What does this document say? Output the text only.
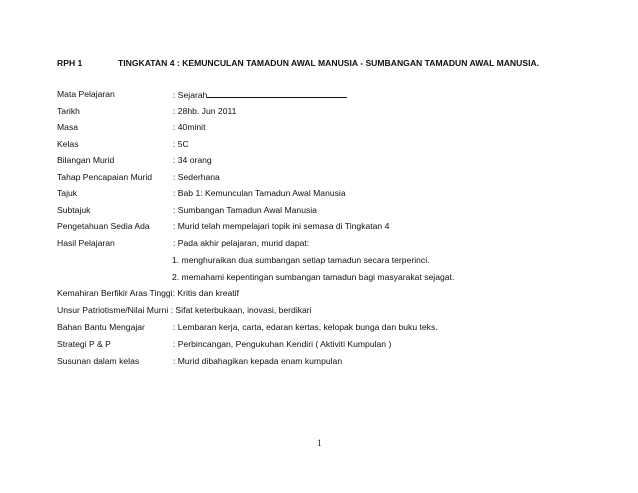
RPH 1	TINGKATAN 4 : KEMUNCULAN TAMADUN AWAL MANUSIA - SUMBANGAN TAMADUN AWAL MANUSIA.
Mata Pelajaran	: Sejarah
Tarikh	: 28hb. Jun 2011
Masa	: 40minit
Kelas	: 5C
Bilangan Murid	: 34 orang
Tahap Pencapaian Murid : Sederhana
Tajuk	: Bab 1: Kemunculan Tamadun Awal Manusia
Subtajuk	: Sumbangan Tamadun Awal Manusia
Pengetahuan Sedia Ada	: Murid telah mempelajari topik ini semasa di Tingkatan 4
Hasil Pelajaran	: Pada akhir pelajaran, murid dapat:
1. menghuraikan dua sumbangan setiap tamadun secara terperinci.
2. memahami kepentingan sumbangan tamadun bagi masyarakat sejagat.
Kemahiran Berfikir Aras Tinggi: Kritis dan kreatif
Unsur Patriotisme/Nilai Murni : Sifat keterbukaan, inovasi, berdikari
Bahan Bantu Mengajar	: Lembaran kerja, carta, edaran kertas, kelopak bunga dan buku teks.
Strategi P & P	: Perbincangan, Pengukuhan Kendiri ( Aktiviti Kumpulan )
Susunan dalam kelas	: Murid dibahagikan kepada enam kumpulan
1
